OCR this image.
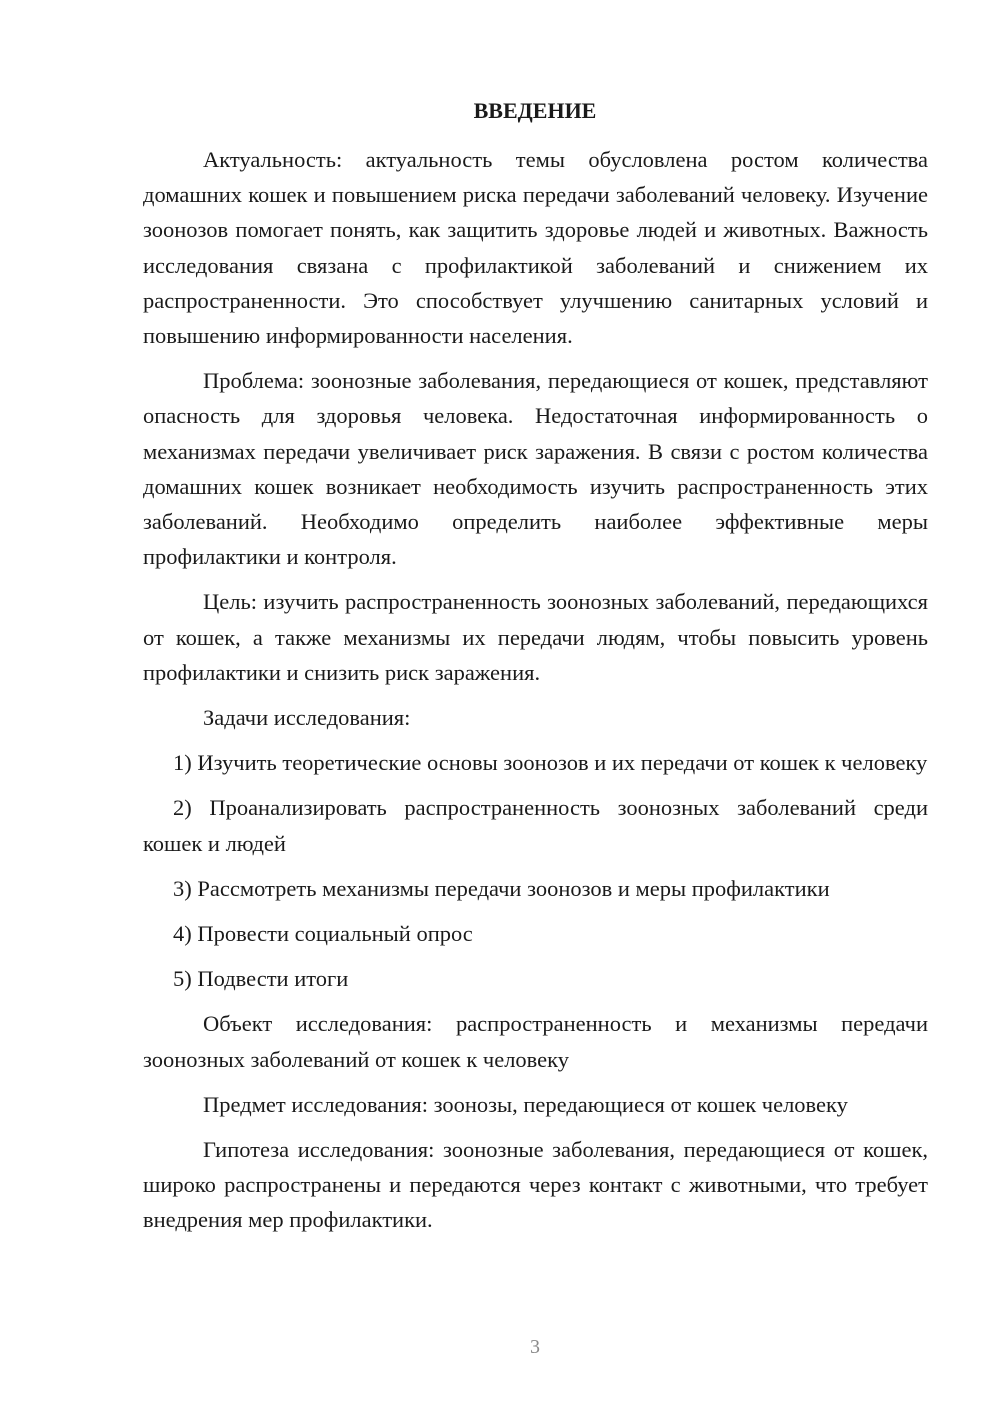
ВВЕДЕНИЕ

Актуальность: актуальность темы обусловлена ростом количества домашних кошек и повышением риска передачи заболеваний человеку. Изучение зоонозов помогает понять, как защитить здоровье людей и животных. Важность исследования связана с профилактикой заболеваний и снижением их распространенности. Это способствует улучшению санитарных условий и повышению информированности населения.

Проблема: зоонозные заболевания, передающиеся от кошек, представляют опасность для здоровья человека. Недостаточная информированность о механизмах передачи увеличивает риск заражения. В связи с ростом количества домашних кошек возникает необходимость изучить распространенность этих заболеваний. Необходимо определить наиболее эффективные меры профилактики и контроля.

Цель: изучить распространенность зоонозных заболеваний, передающихся от кошек, а также механизмы их передачи людям, чтобы повысить уровень профилактики и снизить риск заражения.

Задачи исследования:

1) Изучить теоретические основы зоонозов и их передачи от кошек к человеку

2) Проанализировать распространенность зоонозных заболеваний среди кошек и людей

3) Рассмотреть механизмы передачи зоонозов и меры профилактики

4) Провести социальный опрос

5) Подвести итоги

Объект исследования: распространенность и механизмы передачи зоонозных заболеваний от кошек к человеку

Предмет исследования: зоонозы, передающиеся от кошек человеку

Гипотеза исследования: зоонозные заболевания, передающиеся от кошек, широко распространены и передаются через контакт с животными, что требует внедрения мер профилактики.

3
